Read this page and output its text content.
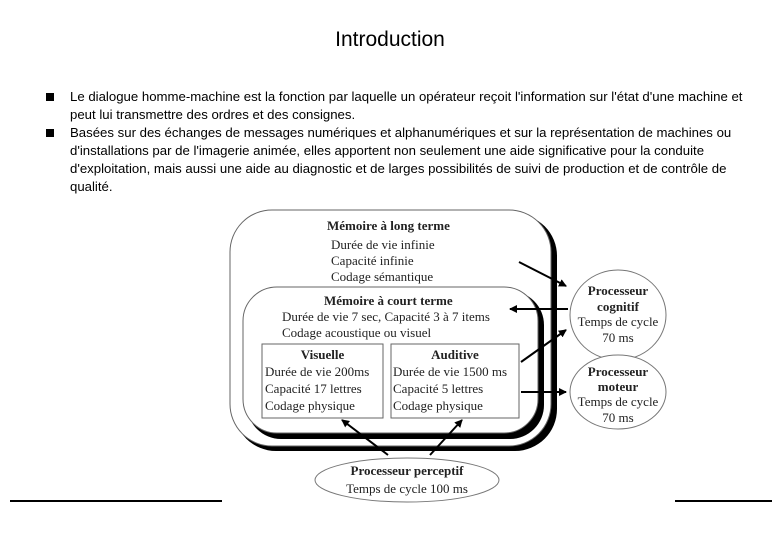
Introduction

Le dialogue homme-machine est la fonction par laquelle un opérateur reçoit l'information sur l'état d'une machine et peut lui transmettre des ordres et des consignes.

Basées sur des échanges de messages numériques et alphanumériques et sur la représentation de machines ou d'installations par de l'imagerie animée, elles apportent non seulement une aide significative pour la conduite d'exploitation, mais aussi une aide au diagnostic et de larges possibilités de suivi de production et de contrôle de qualité.

Mémoire à long terme
Durée de vie infinie
Capacité infinie
Codage sémantique
Mémoire à court terme
Durée de vie 7 sec, Capacité 3 à 7 items
Codage acoustique ou visuel
Visuelle
Durée de vie 200ms
Capacité 17 lettres
Codage physique
Auditive
Durée de vie 1500 ms
Capacité 5 lettres
Codage physique
Processeur
cognitif
Temps de cycle
70 ms
Processeur
moteur
Temps de cycle
70 ms
Processeur perceptif
Temps de cycle 100 ms
